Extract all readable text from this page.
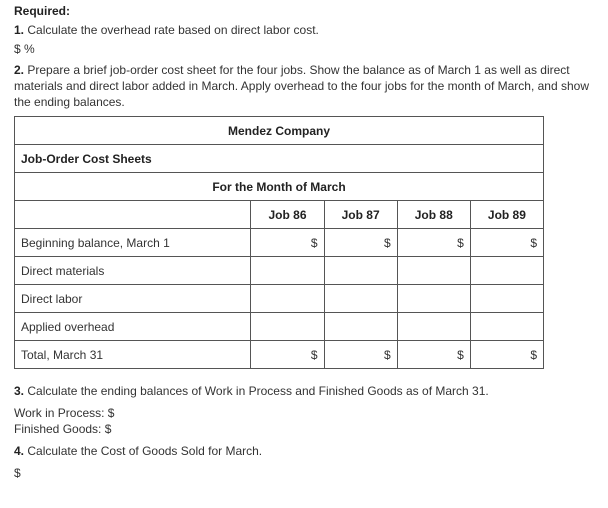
Required:
1. Calculate the overhead rate based on direct labor cost.
$ %
2. Prepare a brief job-order cost sheet for the four jobs. Show the balance as of March 1 as well as direct materials and direct labor added in March. Apply overhead to the four jobs for the month of March, and show the ending balances.
Mendez Company				
Job-Order Cost Sheets				
For the Month of March				
	Job 86	Job 87	Job 88	Job 89
Beginning balance, March 1	$	$	$	$
Direct materials				
Direct labor				
Applied overhead				
Total, March 31	$	$	$	$
3. Calculate the ending balances of Work in Process and Finished Goods as of March 31.
Work in Process: $
Finished Goods: $
4. Calculate the Cost of Goods Sold for March.
$
